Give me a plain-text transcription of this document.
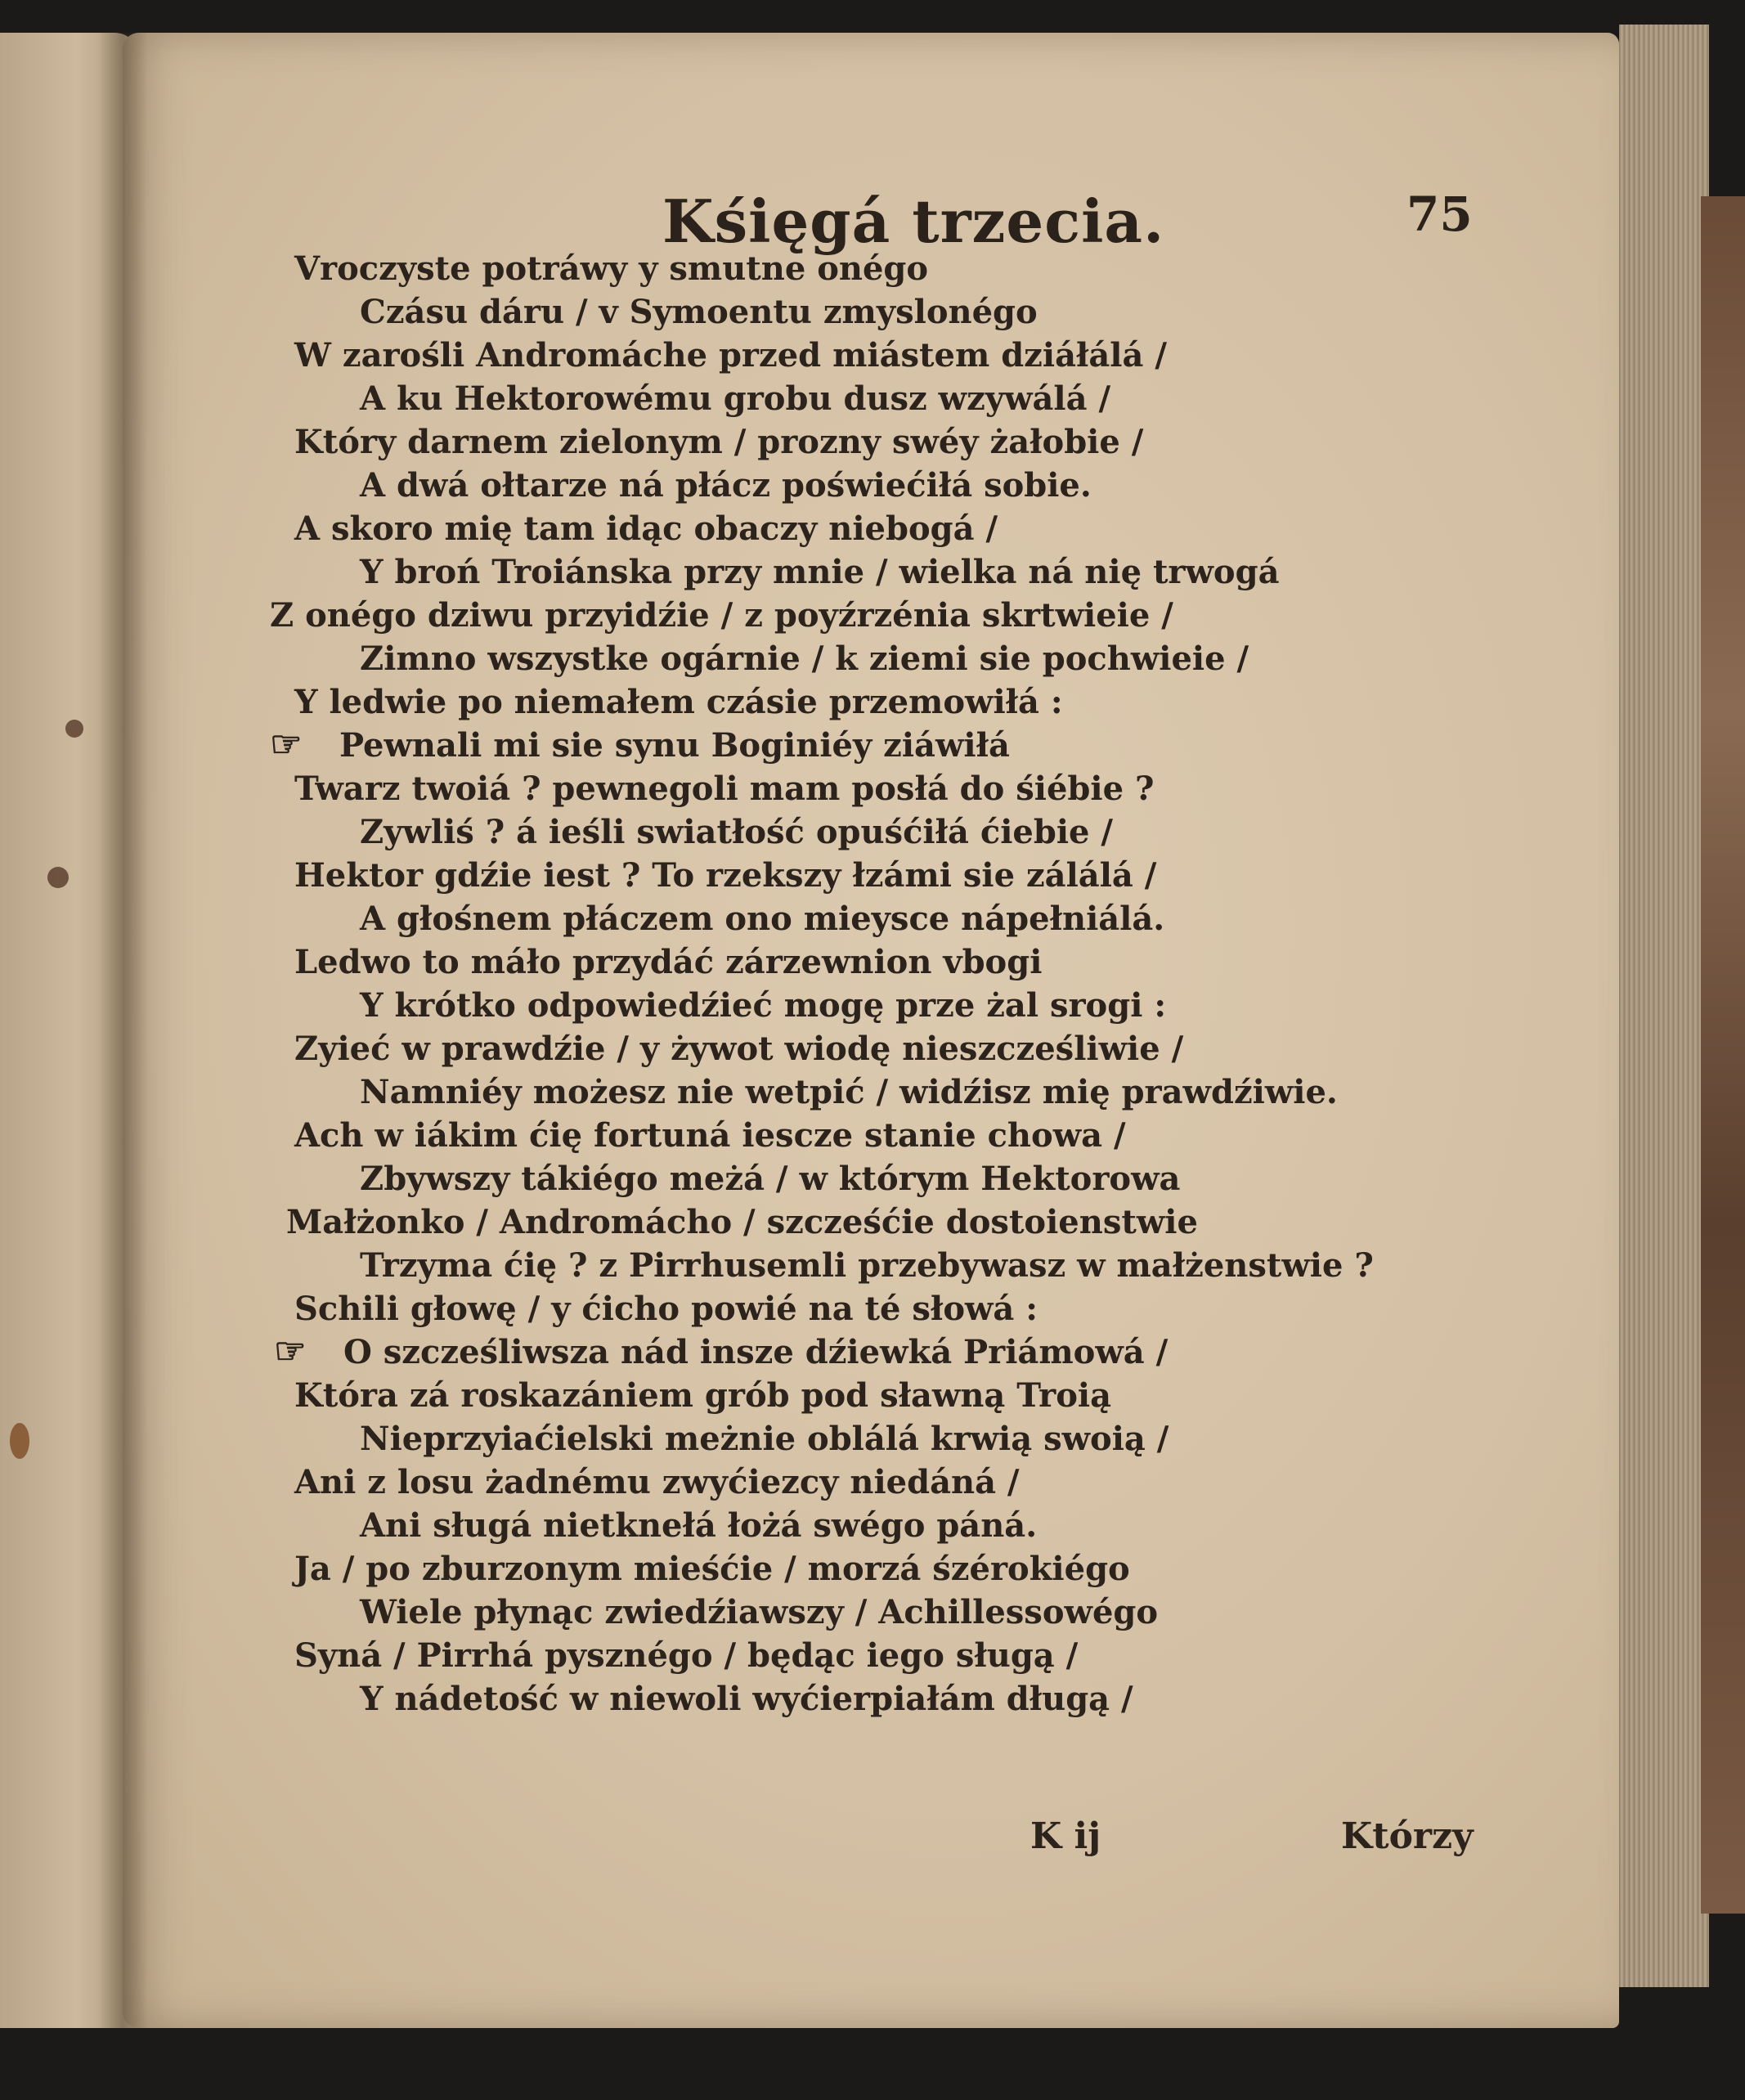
Kśięgá trzecia.	75
Vroczyste potráwy y smutne onégo
Czásu dáru / v Symoentu zmyslonégo
W zarośli Andromáche przed miástem dziáłálá /
A ku Hektorowému grobu dusz wzywálá /
Który darnem zielonym / prozny swéy żałobie /
A dwá ołtarze ná płácz poświećiłá sobie.
A skoro mię tam idąc obaczy niebogá /
Y broń Troiánska przy mnie / wielka ná nię trwogá
Z onégo dziwu przyidźie / z poyźrzénia skrtwieie /
Zimno wszystke ogárnie / k ziemi sie pochwieie /
Y ledwie po niemałem czásie przemowiłá :
☞ Pewnali mi sie synu Boginiéy ziáwiłá
Twarz twoiá ? pewnegoli mam posłá do śiébie ?
Zywliś ? á ieśli swiatłość opuśćiłá ćiebie /
Hektor gdźie iest ? To rzekszy łzámi sie zálálá /
A głośnem płáczem ono mieysce nápełniálá.
Ledwo to máło przydáć zárzewnion vbogi
Y krótko odpowiedźieć mogę prze żal srogi :
Zyieć w prawdźie / y żywot wiodę nieszcześliwie /
Namniéy możesz nie wetpić / widźisz mię prawdźiwie.
Ach w iákim ćię fortuná iescze stanie chowa /
Zbywszy tákiégo meżá / w którym Hektorowa
Małżonko / Andromácho / szcześćie dostoienstwie
Trzyma ćię ? z Pirrhusemli przebywasz w małżenstwie ?
Schili głowę / y ćicho powié na té słowá :
☞ O szcześliwsza nád insze dźiewká Priámowá /
Która zá roskazániem grób pod sławną Troią
Nieprzyiaćielski meżnie oblálá krwią swoią /
Ani z losu żadnému zwyćiezcy niedáná /
Ani sługá nietknełá łożá swégo páná.
Ja / po zburzonym mieśćie / morzá śzérokiégo
Wiele płynąc zwiedźiawszy / Achillessowégo
Syná / Pirrhá pysznégo / będąc iego sługą /
Y nádetość w niewoli wyćierpiałám długą /
K ij	Którzy
